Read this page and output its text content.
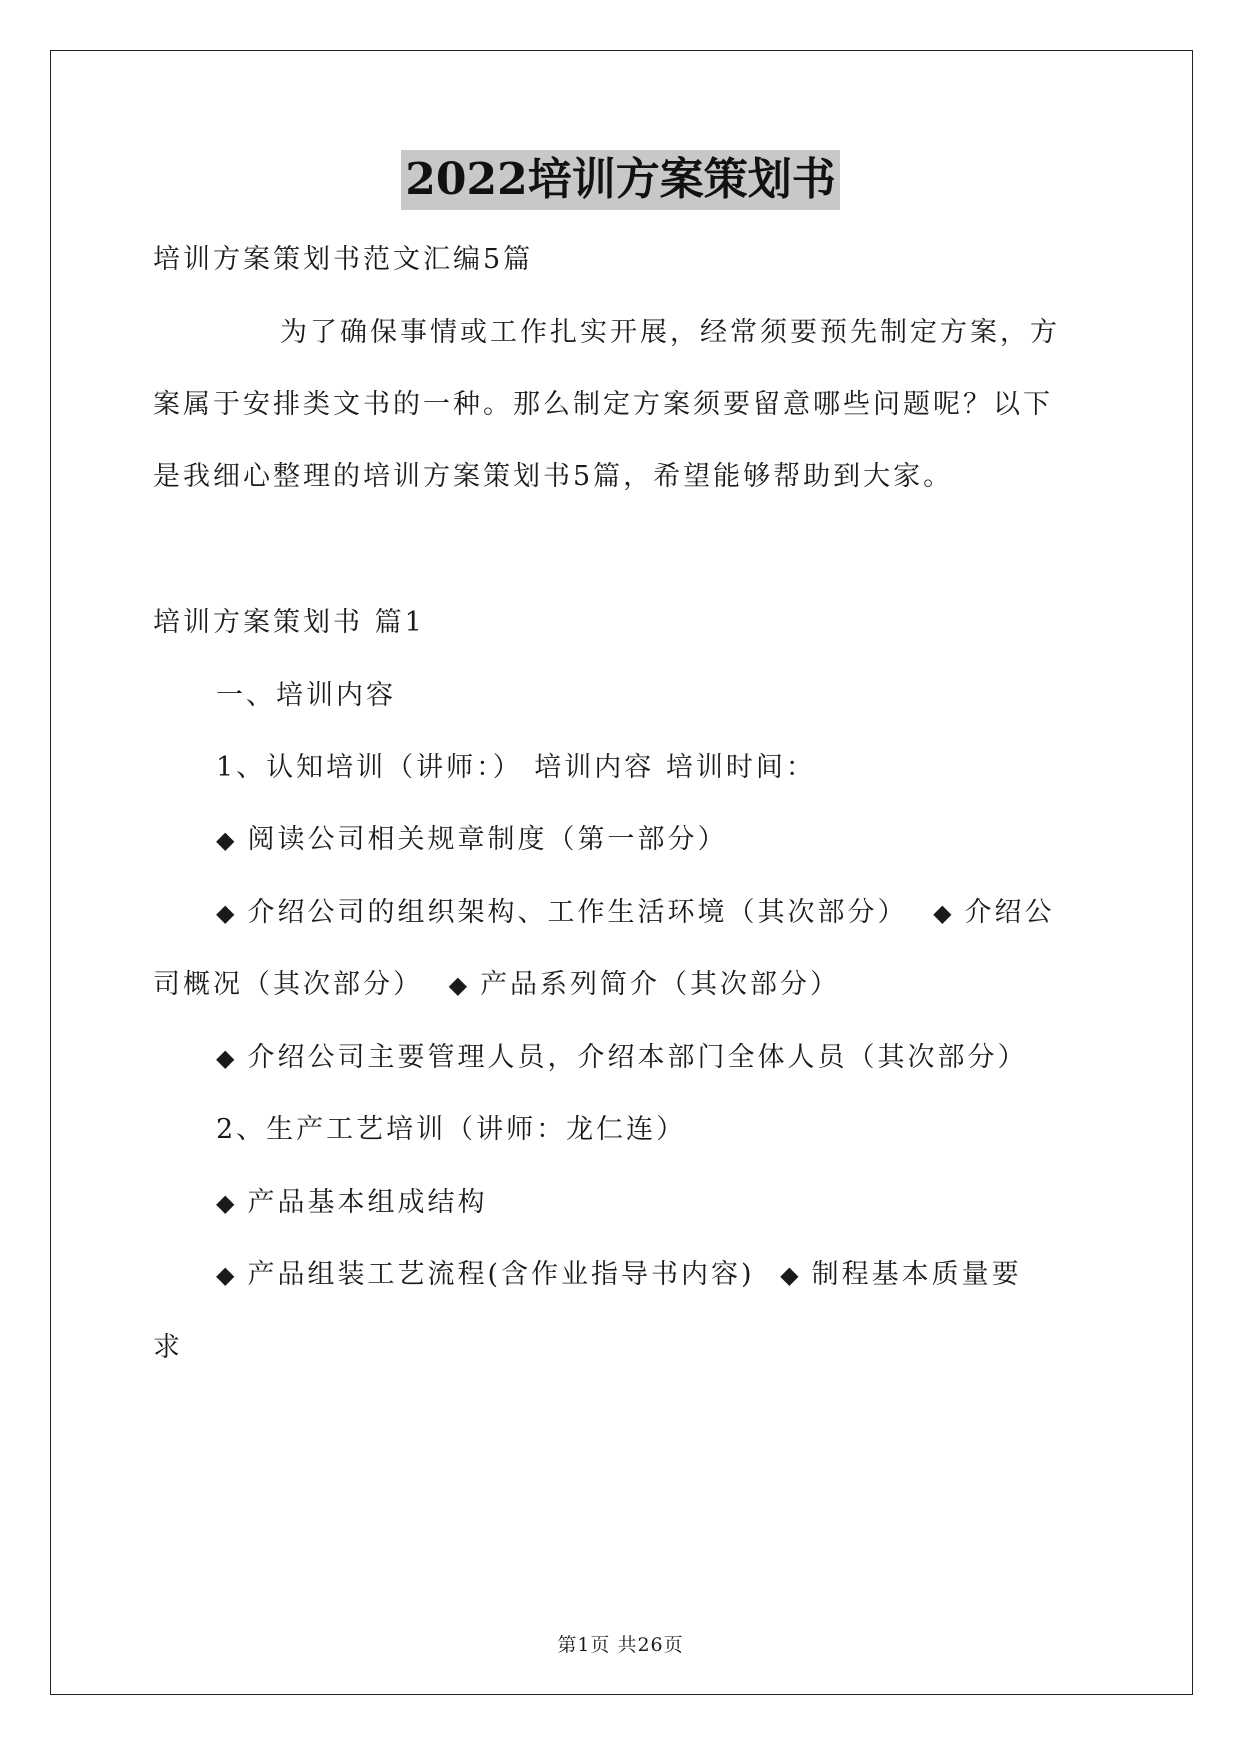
2022培训方案策划书
培训方案策划书范文汇编5篇
为了确保事情或工作扎实开展，经常须要预先制定方案，方
案属于安排类文书的一种。那么制定方案须要留意哪些问题呢？以下
是我细心整理的培训方案策划书5篇，希望能够帮助到大家。
培训方案策划书 篇1
一、培训内容
1、认知培训（讲师：） 培训内容 培训时间：
◆ 阅读公司相关规章制度（第一部分）
◆ 介绍公司的组织架构、工作生活环境（其次部分） ◆ 介绍公
司概况（其次部分） ◆ 产品系列简介（其次部分）
◆ 介绍公司主要管理人员，介绍本部门全体人员（其次部分）
2、生产工艺培训（讲师：龙仁连）
◆ 产品基本组成结构
◆ 产品组装工艺流程(含作业指导书内容) ◆ 制程基本质量要
求
第1页 共26页
